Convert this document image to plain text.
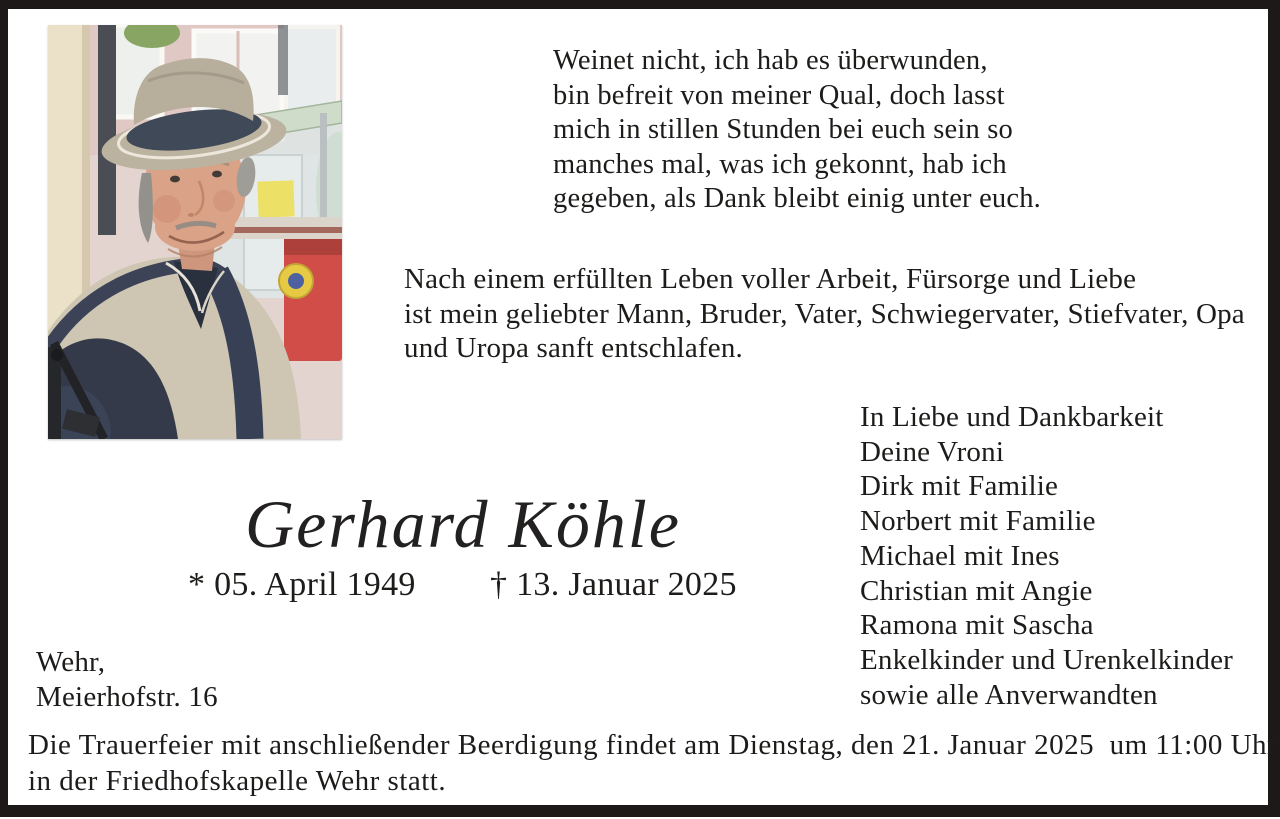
Weinet nicht, ich hab es überwunden,
bin befreit von meiner Qual, doch lasst
mich in stillen Stunden bei euch sein so
manches mal, was ich gekonnt, hab ich
gegeben, als Dank bleibt einig unter euch.
Nach einem erfüllten Leben voller Arbeit, Fürsorge und Liebe
ist mein geliebter Mann, Bruder, Vater, Schwiegervater, Stiefvater, Opa
und Uropa sanft entschlafen.
In Liebe und Dankbarkeit
Deine Vroni
Dirk mit Familie
Norbert mit Familie
Michael mit Ines
Christian mit Angie
Ramona mit Sascha
Enkelkinder und Urenkelkinder
sowie alle Anverwandten
Gerhard Köhle
* 05. April 1949 † 13. Januar 2025
Wehr,
Meierhofstr. 16
Die Trauerfeier mit anschließender Beerdigung findet am Dienstag, den 21. Januar 2025  um 11:00 Uhr
in der Friedhofskapelle Wehr statt.
